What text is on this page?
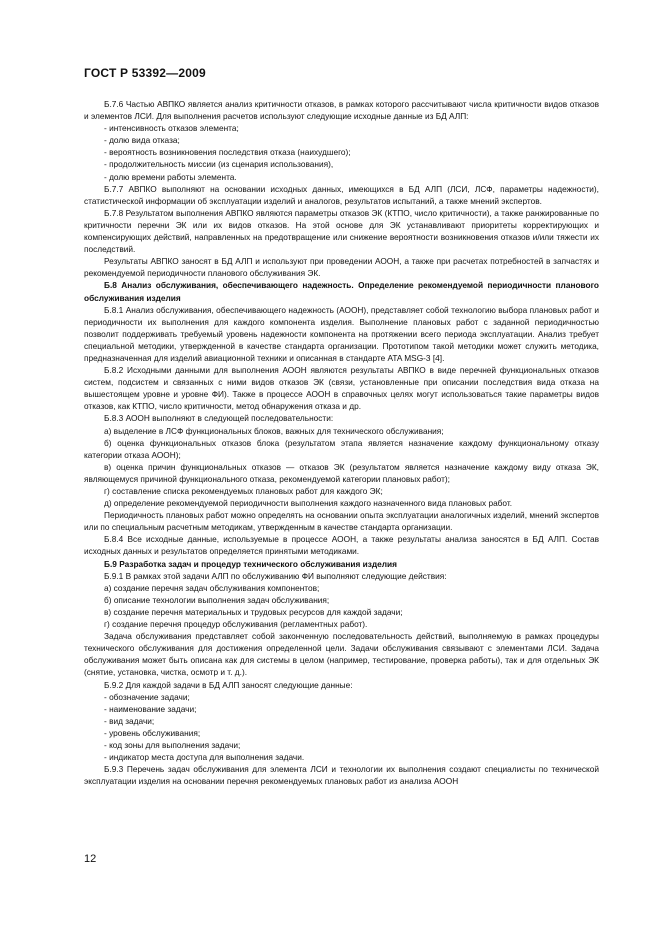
ГОСТ Р 53392—2009

Б.7.6 Частью АВПКО является анализ критичности отказов, в рамках которого рассчитывают числа критичности видов отказов и элементов ЛСИ. Для выполнения расчетов используют следующие исходные данные из БД АЛП:

- интенсивность отказов элемента;

- долю вида отказа;

- вероятность возникновения последствия отказа (наихудшего);

- продолжительность миссии (из сценария использования),

- долю времени работы элемента.

Б.7.7 АВПКО выполняют на основании исходных данных, имеющихся в БД АЛП (ЛСИ, ЛСФ, параметры надежности), статистической информации об эксплуатации изделий и аналогов, результатов испытаний, а также мнений экспертов.

Б.7.8 Результатом выполнения АВПКО являются параметры отказов ЭК (КТПО, число критичности), а также ранжированные по критичности перечни ЭК или их видов отказов. На этой основе для ЭК устанавливают приоритеты корректирующих и компенсирующих действий, направленных на предотвращение или снижение вероятности возникновения отказов и/или тяжести их последствий.

Результаты АВПКО заносят в БД АЛП и используют при проведении АООН, а также при расчетах потребностей в запчастях и рекомендуемой периодичности планового обслуживания ЭК.

Б.8 Анализ обслуживания, обеспечивающего надежность. Определение рекомендуемой периодичности планового обслуживания изделия

Б.8.1 Анализ обслуживания, обеспечивающего надежность (АООН), представляет собой технологию выбора плановых работ и периодичности их выполнения для каждого компонента изделия. Выполнение плановых работ с заданной периодичностью позволит поддерживать требуемый уровень надежности компонента на протяжении всего периода эксплуатации. Анализ требует специальной методики, утвержденной в качестве стандарта организации. Прототипом такой методики может служить методика, предназначенная для изделий авиационной техники и описанная в стандарте ATA MSG-3 [4].

Б.8.2 Исходными данными для выполнения АООН являются результаты АВПКО в виде перечней функциональных отказов систем, подсистем и связанных с ними видов отказов ЭК (связи, установленные при описании последствия вида отказа на вышестоящем уровне и уровне ФИ). Также в процессе АООН в справочных целях могут использоваться такие параметры видов отказов, как КТПО, число критичности, метод обнаружения отказа и др.

Б.8.3 АООН выполняют в следующей последовательности:

а) выделение в ЛСФ функциональных блоков, важных для технического обслуживания;

б) оценка функциональных отказов блока (результатом этапа является назначение каждому функциональному отказу категории отказа АООН);

в) оценка причин функциональных отказов — отказов ЭК (результатом является назначение каждому виду отказа ЭК, являющемуся причиной функционального отказа, рекомендуемой категории плановых работ);

г) составление списка рекомендуемых плановых работ для каждого ЭК;

д) определение рекомендуемой периодичности выполнения каждого назначенного вида плановых работ.

Периодичность плановых работ можно определять на основании опыта эксплуатации аналогичных изделий, мнений экспертов или по специальным расчетным методикам, утвержденным в качестве стандарта организации.

Б.8.4 Все исходные данные, используемые в процессе АООН, а также результаты анализа заносятся в БД АЛП. Состав исходных данных и результатов определяется принятыми методиками.

Б.9 Разработка задач и процедур технического обслуживания изделия

Б.9.1 В рамках этой задачи АЛП по обслуживанию ФИ выполняют следующие действия:

а) создание перечня задач обслуживания компонентов;

б) описание технологии выполнения задач обслуживания;

в) создание перечня материальных и трудовых ресурсов для каждой задачи;

г) создание перечня процедур обслуживания (регламентных работ).

Задача обслуживания представляет собой законченную последовательность действий, выполняемую в рамках процедуры технического обслуживания для достижения определенной цели. Задачи обслуживания связывают с элементами ЛСИ. Задача обслуживания может быть описана как для системы в целом (например, тестирование, проверка работы), так и для отдельных ЭК (снятие, установка, чистка, осмотр и т. д.).

Б.9.2 Для каждой задачи в БД АЛП заносят следующие данные:

- обозначение задачи;

- наименование задачи;

- вид задачи;

- уровень обслуживания;

- код зоны для выполнения задачи;

- индикатор места доступа для выполнения задачи.

Б.9.3 Перечень задач обслуживания для элемента ЛСИ и технологии их выполнения создают специалисты по технической эксплуатации изделия на основании перечня рекомендуемых плановых работ из анализа АООН

12
